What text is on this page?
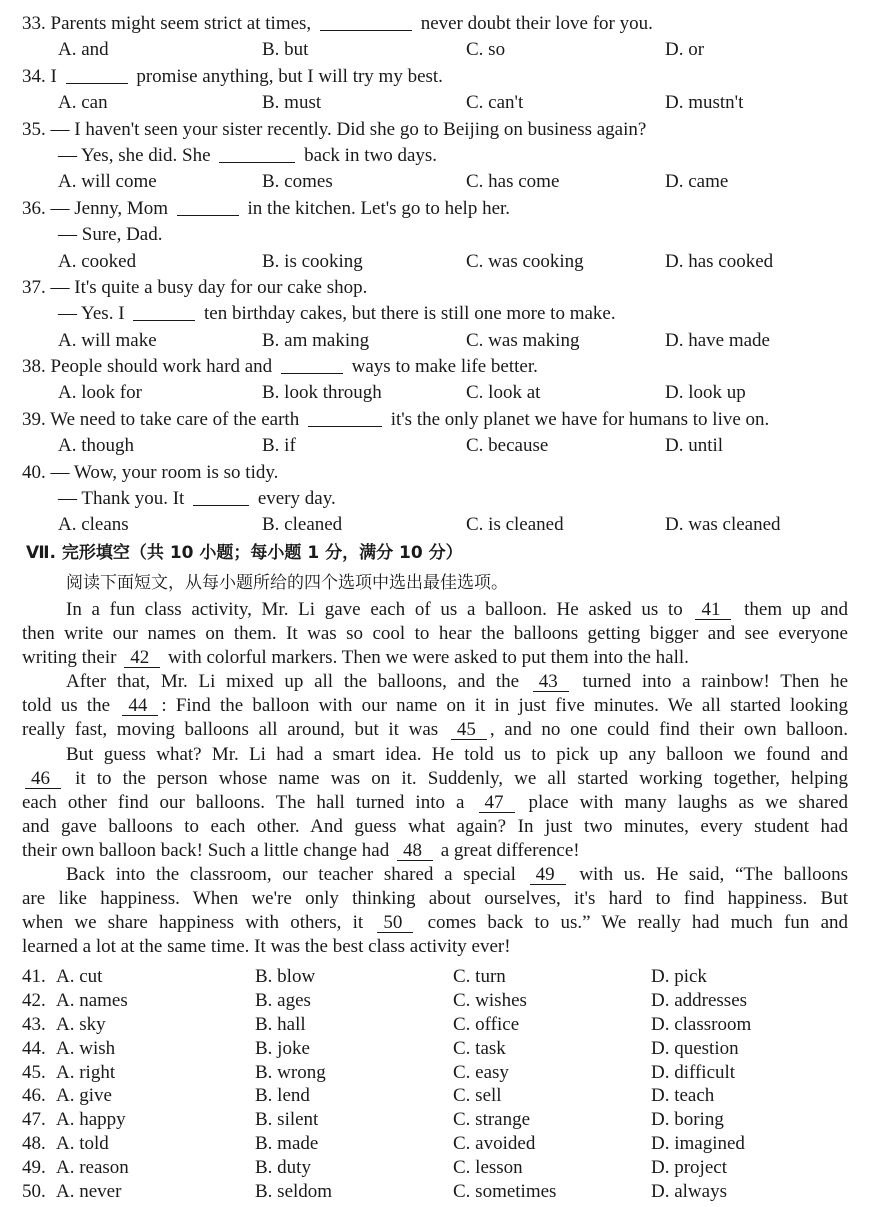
33. Parents might seem strict at times,	never doubt their love for you.
A. and	B. but	C. so	D. or
34. I	promise anything, but I will try my best.
A. can	B. must	C. can't	D. mustn't
35. — I haven't seen your sister recently. Did she go to Beijing on business again?
— Yes, she did. She	back in two days.
A. will come	B. comes	C. has come	D. came
36. — Jenny, Mom	in the kitchen. Let's go to help her.
— Sure, Dad.
A. cooked	B. is cooking	C. was cooking	D. has cooked
37. — It's quite a busy day for our cake shop.
— Yes. I	ten birthday cakes, but there is still one more to make.
A. will make	B. am making	C. was making	D. have made
38. People should work hard and	ways to make life better.
A. look for	B. look through	C. look at	D. look up
39. We need to take care of the earth	it's the only planet we have for humans to live on.
A. though	B. if	C. because	D. until
40. — Wow, your room is so tidy.
— Thank you. It	every day.
A. cleans	B. cleaned	C. is cleaned	D. was cleaned
Ⅶ. 完形填空（共 10 小题；每小题 1 分，满分 10 分）
阅读下面短文，从每小题所给的四个选项中选出最佳选项。
In a fun class activity, Mr. Li gave each of us a balloon. He asked us to 41 them up and
then write our names on them. It was so cool to hear the balloons getting bigger and see everyone
writing their 42 with colorful markers. Then we were asked to put them into the hall.
After that, Mr. Li mixed up all the balloons, and the 43 turned into a rainbow! Then he
told us the 44 : Find the balloon with our name on it in just five minutes. We all started looking
really fast, moving balloons all around, but it was 45 , and no one could find their own balloon.
But guess what? Mr. Li had a smart idea. He told us to pick up any balloon we found and
46 it to the person whose name was on it. Suddenly, we all started working together, helping
each other find our balloons. The hall turned into a 47 place with many laughs as we shared
and gave balloons to each other. And guess what again? In just two minutes, every student had
their own balloon back! Such a little change had 48 a great difference!
Back into the classroom, our teacher shared a special 49 with us. He said, “The balloons
are like happiness. When we're only thinking about ourselves, it's hard to find happiness. But
when we share happiness with others, it 50 comes back to us.” We really had much fun and
learned a lot at the same time. It was the best class activity ever!
41. A. cut	B. blow	C. turn	D. pick
42. A. names	B. ages	C. wishes	D. addresses
43. A. sky	B. hall	C. office	D. classroom
44. A. wish	B. joke	C. task	D. question
45. A. right	B. wrong	C. easy	D. difficult
46. A. give	B. lend	C. sell	D. teach
47. A. happy	B. silent	C. strange	D. boring
48. A. told	B. made	C. avoided	D. imagined
49. A. reason	B. duty	C. lesson	D. project
50. A. never	B. seldom	C. sometimes	D. always
